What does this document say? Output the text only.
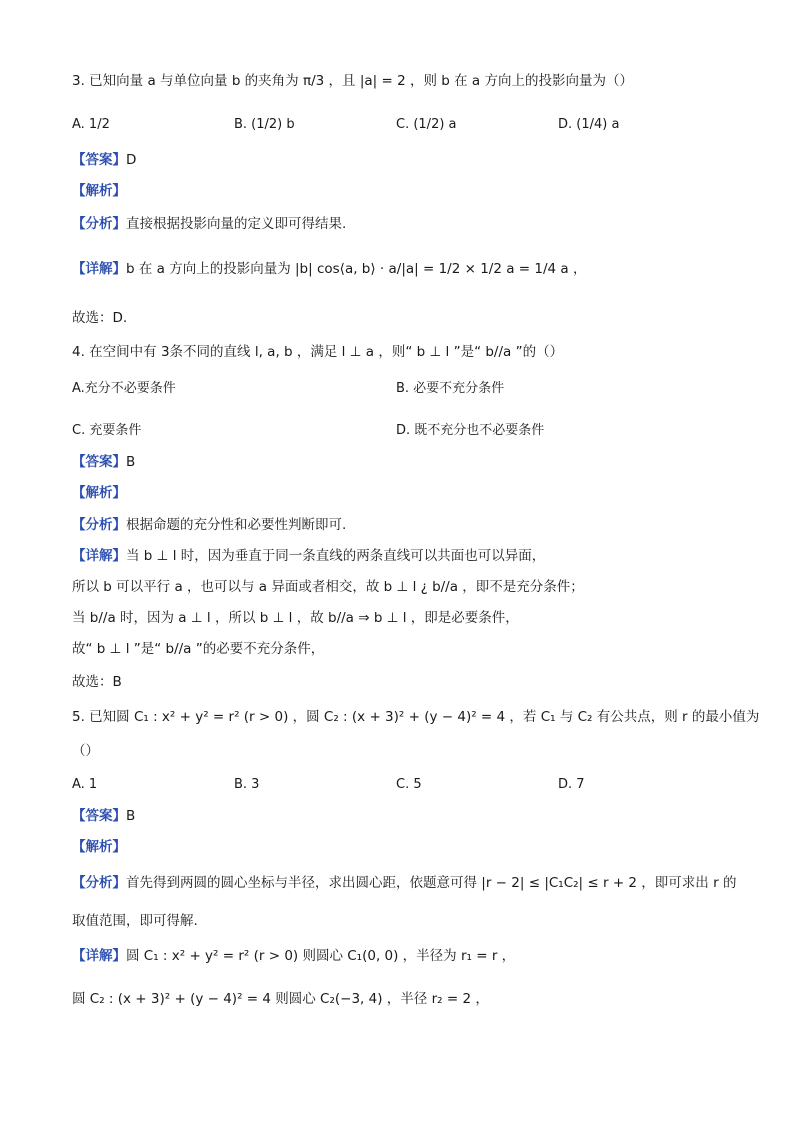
3. 已知向量 a 与单位向量 b 的夹角为 π/3 ，且 |a| = 2 ，则 b 在 a 方向上的投影向量为（）
A. 1/2	B. (1/2) b	C. (1/2) a	D. (1/4) a
【答案】D
【解析】
【分析】直接根据投影向量的定义即可得结果.
【详解】b 在 a 方向上的投影向量为 |b| cos⟨a, b⟩ · a/|a| = 1/2 × 1/2 a = 1/4 a ，
故选：D.
4. 在空间中有 3条不同的直线 l, a, b ，满足 l ⊥ a ，则“ b ⊥ l ”是“ b//a ”的（）
A.充分不必要条件	B. 必要不充分条件
C. 充要条件	D. 既不充分也不必要条件
【答案】B
【解析】
【分析】根据命题的充分性和必要性判断即可.
【详解】当 b ⊥ l 时，因为垂直于同一条直线的两条直线可以共面也可以异面，
所以 b 可以平行 a ，也可以与 a 异面或者相交，故 b ⊥ l ¿ b//a ，即不是充分条件；
当 b//a 时，因为 a ⊥ l ，所以 b ⊥ l ，故 b//a ⇒ b ⊥ l ，即是必要条件，
故“ b ⊥ l ”是“ b//a ”的必要不充分条件，
故选：B
5. 已知圆 C₁ : x² + y² = r² (r > 0) ，圆 C₂ : (x + 3)² + (y − 4)² = 4 ，若 C₁ 与 C₂ 有公共点，则 r 的最小值为
（）
A. 1	B. 3	C. 5	D. 7
【答案】B
【解析】
【分析】首先得到两圆的圆心坐标与半径，求出圆心距，依题意可得 |r − 2| ≤ |C₁C₂| ≤ r + 2 ，即可求出 r 的
取值范围，即可得解.
【详解】圆 C₁ : x² + y² = r² (r > 0) 则圆心 C₁(0, 0) ，半径为 r₁ = r ，
圆 C₂ : (x + 3)² + (y − 4)² = 4 则圆心 C₂(−3, 4) ，半径 r₂ = 2 ，
